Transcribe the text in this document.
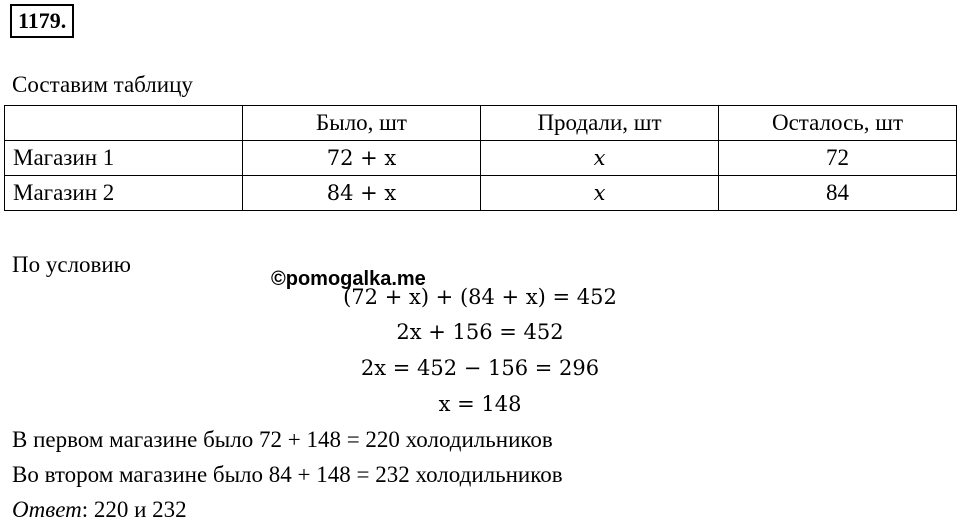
1179.
Составим таблицу
	Было, шт	Продали, шт	Осталось, шт
Магазин 1	72 + x	x	72
Магазин 2	84 + x	x	84
По условию
©pomogalka.me
(72 + x) + (84 + x) = 452
2x + 156 = 452
2x = 452 − 156 = 296
x = 148
В первом магазине было 72 + 148 = 220 холодильников
Во втором магазине было 84 + 148 = 232 холодильников
Ответ: 220 и 232
